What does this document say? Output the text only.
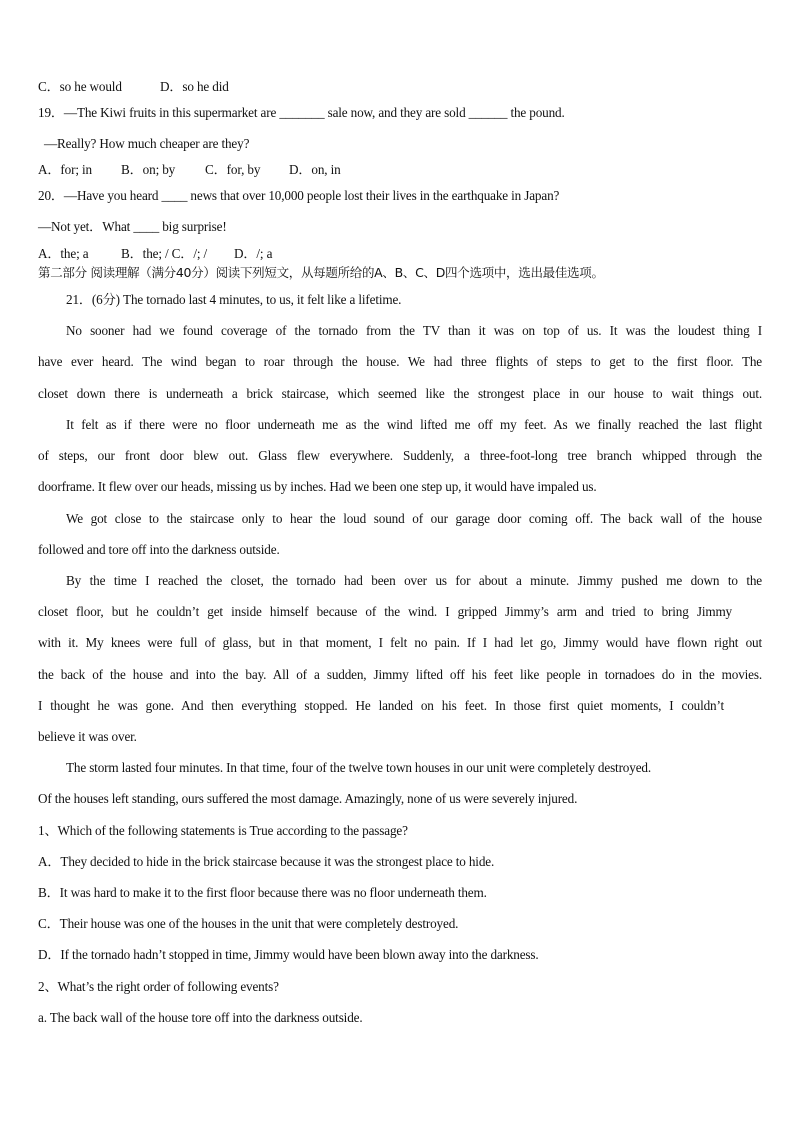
C．so he would	D．so he did
19．—The Kiwi fruits in this supermarket are _______ sale now, and they are sold ______ the pound.
—Really? How much cheaper are they?
A．for; in B．on; by C．for, by D．on, in
20．—Have you heard ____ news that over 10,000 people lost their lives in the earthquake in Japan?
—Not yet．What ____ big surprise!
A．the; a B．the; / C．/; / D．/; a
第二部分 阅读理解（满分40分）阅读下列短文，从每题所给的A、B、C、D四个选项中，选出最佳选项。
21．(6分) The tornado last 4 minutes, to us, it felt like a lifetime.
No sooner had we found coverage of the tornado from the TV than it was on top of us. It was the loudest thing I
have ever heard. The wind began to roar through the house. We had three flights of steps to get to the first floor. The
closet down there is underneath a brick staircase, which seemed like the strongest place in our house to wait things out.
It felt as if there were no floor underneath me as the wind lifted me off my feet. As we finally reached the last flight
of steps, our front door blew out. Glass flew everywhere. Suddenly, a three-foot-long tree branch whipped through the
doorframe. It flew over our heads, missing us by inches. Had we been one step up, it would have impaled us.
We got close to the staircase only to hear the loud sound of our garage door coming off. The back wall of the house
followed and tore off into the darkness outside.
By the time I reached the closet, the tornado had been over us for about a minute. Jimmy pushed me down to the
closet floor, but he couldn’t get inside himself because of the wind. I gripped Jimmy’s arm and tried to bring Jimmy
with it. My knees were full of glass, but in that moment, I felt no pain. If I had let go, Jimmy would have flown right out
the back of the house and into the bay. All of a sudden, Jimmy lifted off his feet like people in tornadoes do in the movies.
I thought he was gone. And then everything stopped. He landed on his feet. In those first quiet moments, I couldn’t
believe it was over.
The storm lasted four minutes. In that time, four of the twelve town houses in our unit were completely destroyed.
Of the houses left standing, ours suffered the most damage. Amazingly, none of us were severely injured.
1、Which of the following statements is True according to the passage?
A．They decided to hide in the brick staircase because it was the strongest place to hide.
B．It was hard to make it to the first floor because there was no floor underneath them.
C．Their house was one of the houses in the unit that were completely destroyed.
D．If the tornado hadn’t stopped in time, Jimmy would have been blown away into the darkness.
2、What’s the right order of following events?
a. The back wall of the house tore off into the darkness outside.
